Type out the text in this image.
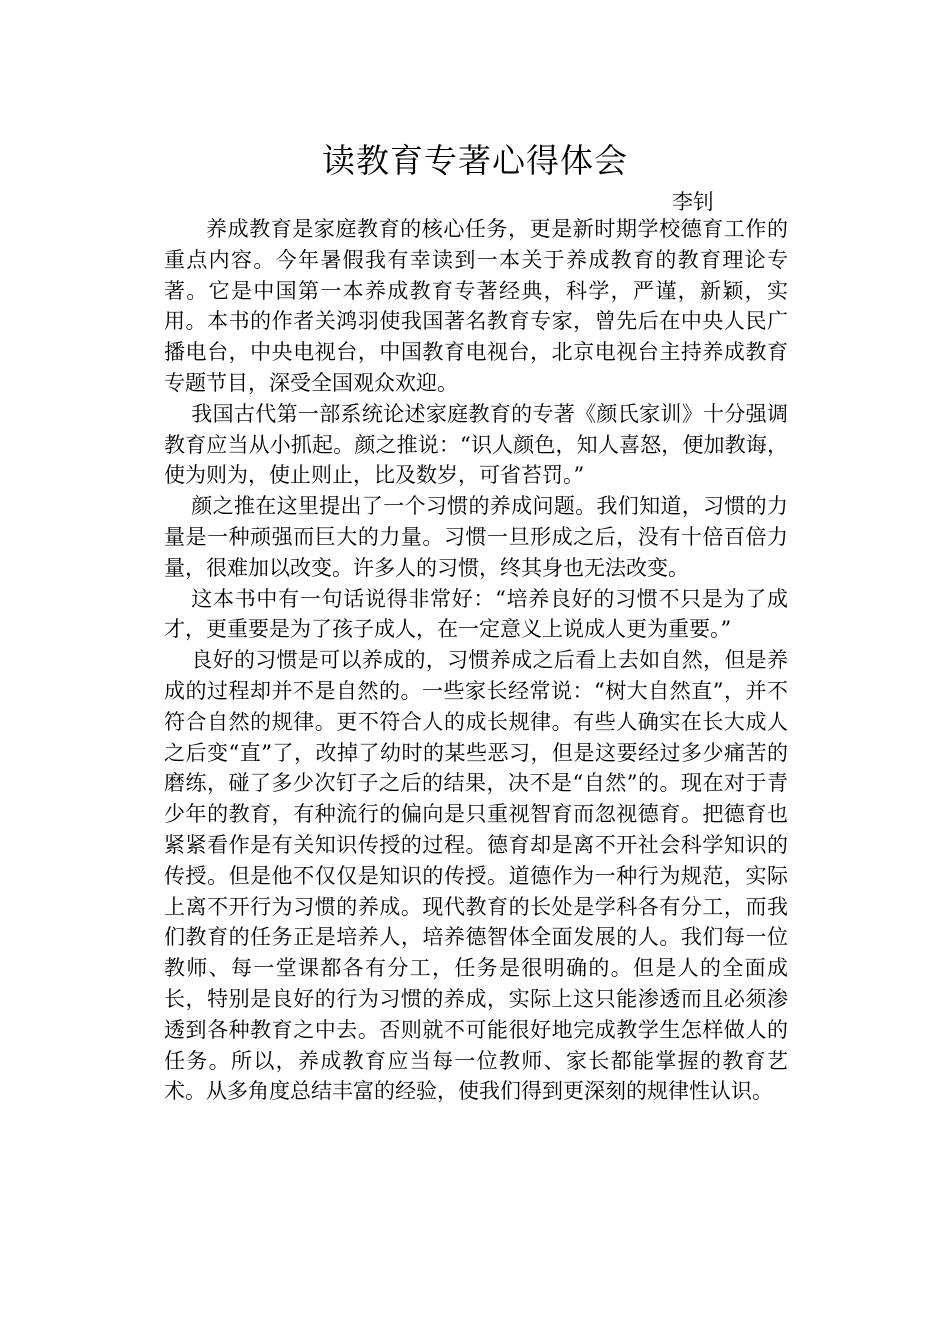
读教育专著心得体会
李钊

养成教育是家庭教育的核心任务，更是新时期学校德育工作的重点内容。今年暑假我有幸读到一本关于养成教育的教育理论专著。它是中国第一本养成教育专著经典，科学，严谨，新颖，实用。本书的作者关鸿羽使我国著名教育专家，曾先后在中央人民广播电台，中央电视台，中国教育电视台，北京电视台主持养成教育专题节目，深受全国观众欢迎。

我国古代第一部系统论述家庭教育的专著《颜氏家训》十分强调教育应当从小抓起。颜之推说：“识人颜色，知人喜怒，便加教诲，使为则为，使止则止，比及数岁，可省苔罚。”

颜之推在这里提出了一个习惯的养成问题。我们知道，习惯的力量是一种顽强而巨大的力量。习惯一旦形成之后，没有十倍百倍力量，很难加以改变。许多人的习惯，终其身也无法改变。

这本书中有一句话说得非常好：“培养良好的习惯不只是为了成才，更重要是为了孩子成人，在一定意义上说成人更为重要。”

良好的习惯是可以养成的，习惯养成之后看上去如自然，但是养成的过程却并不是自然的。一些家长经常说：“树大自然直”，并不符合自然的规律。更不符合人的成长规律。有些人确实在长大成人之后变“直”了，改掉了幼时的某些恶习，但是这要经过多少痛苦的磨练，碰了多少次钉子之后的结果，决不是“自然”的。现在对于青少年的教育，有种流行的偏向是只重视智育而忽视德育。把德育也紧紧看作是有关知识传授的过程。德育却是离不开社会科学知识的传授。但是他不仅仅是知识的传授。道德作为一种行为规范，实际上离不开行为习惯的养成。现代教育的长处是学科各有分工，而我们教育的任务正是培养人，培养德智体全面发展的人。我们每一位教师、每一堂课都各有分工，任务是很明确的。但是人的全面成长，特别是良好的行为习惯的养成，实际上这只能渗透而且必须渗透到各种教育之中去。否则就不可能很好地完成教学生怎样做人的任务。所以，养成教育应当每一位教师、家长都能掌握的教育艺术。从多角度总结丰富的经验，使我们得到更深刻的规律性认识。
